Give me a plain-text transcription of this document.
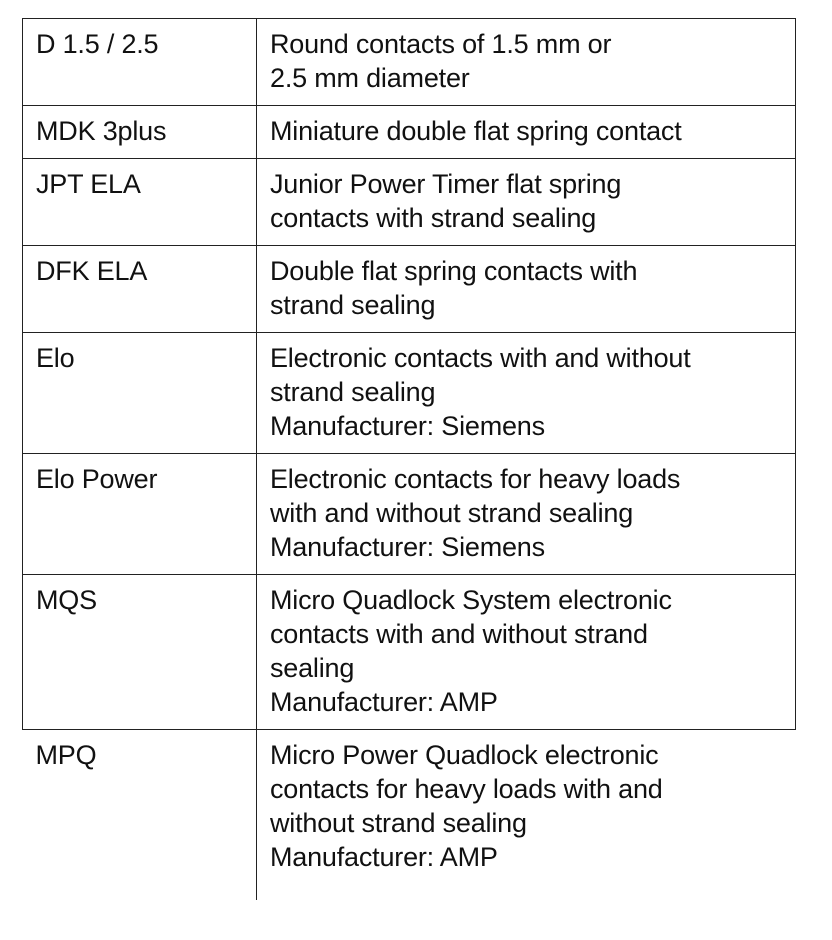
D 1.5 / 2.5	Round contacts of 1.5 mm or
2.5 mm diameter

MDK 3plus	Miniature double flat spring contact

JPT ELA	Junior Power Timer flat spring
contacts with strand sealing

DFK ELA	Double flat spring contacts with
strand sealing

Elo	Electronic contacts with and without
strand sealing
Manufacturer: Siemens

Elo Power	Electronic contacts for heavy loads
with and without strand sealing
Manufacturer: Siemens

MQS	Micro Quadlock System electronic
contacts with and without strand
sealing
Manufacturer: AMP

MPQ	Micro Power Quadlock electronic
contacts for heavy loads with and
without strand sealing
Manufacturer: AMP
